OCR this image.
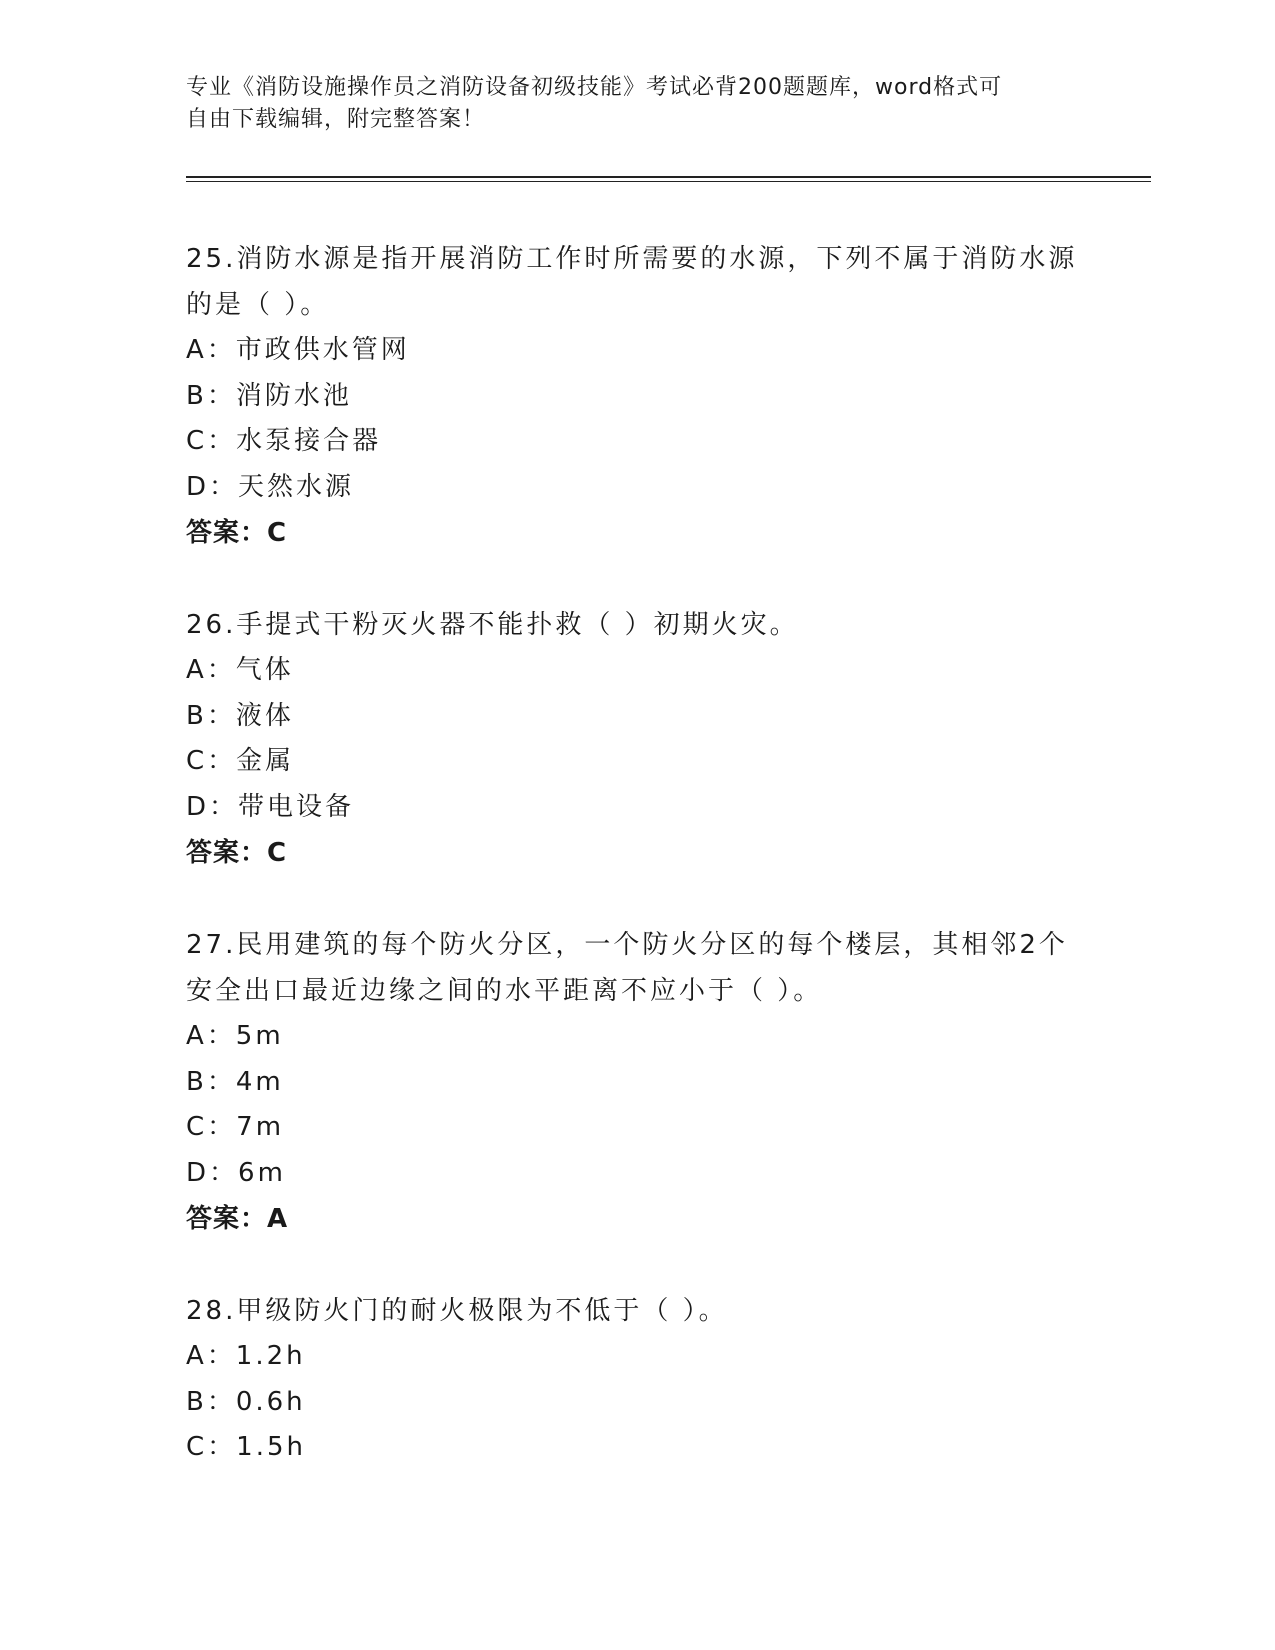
专业《消防设施操作员之消防设备初级技能》考试必背200题题库，word格式可
自由下载编辑，附完整答案！
25.消防水源是指开展消防工作时所需要的水源，下列不属于消防水源
的是（ ）。
A：市政供水管网
B：消防水池
C：水泵接合器
D：天然水源
答案：C
26.手提式干粉灭火器不能扑救（ ）初期火灾。
A：气体
B：液体
C：金属
D：带电设备
答案：C
27.民用建筑的每个防火分区，一个防火分区的每个楼层，其相邻2个
安全出口最近边缘之间的水平距离不应小于（ ）。
A：5m
B：4m
C：7m
D：6m
答案：A
28.甲级防火门的耐火极限为不低于（ ）。
A：1.2h
B：0.6h
C：1.5h
